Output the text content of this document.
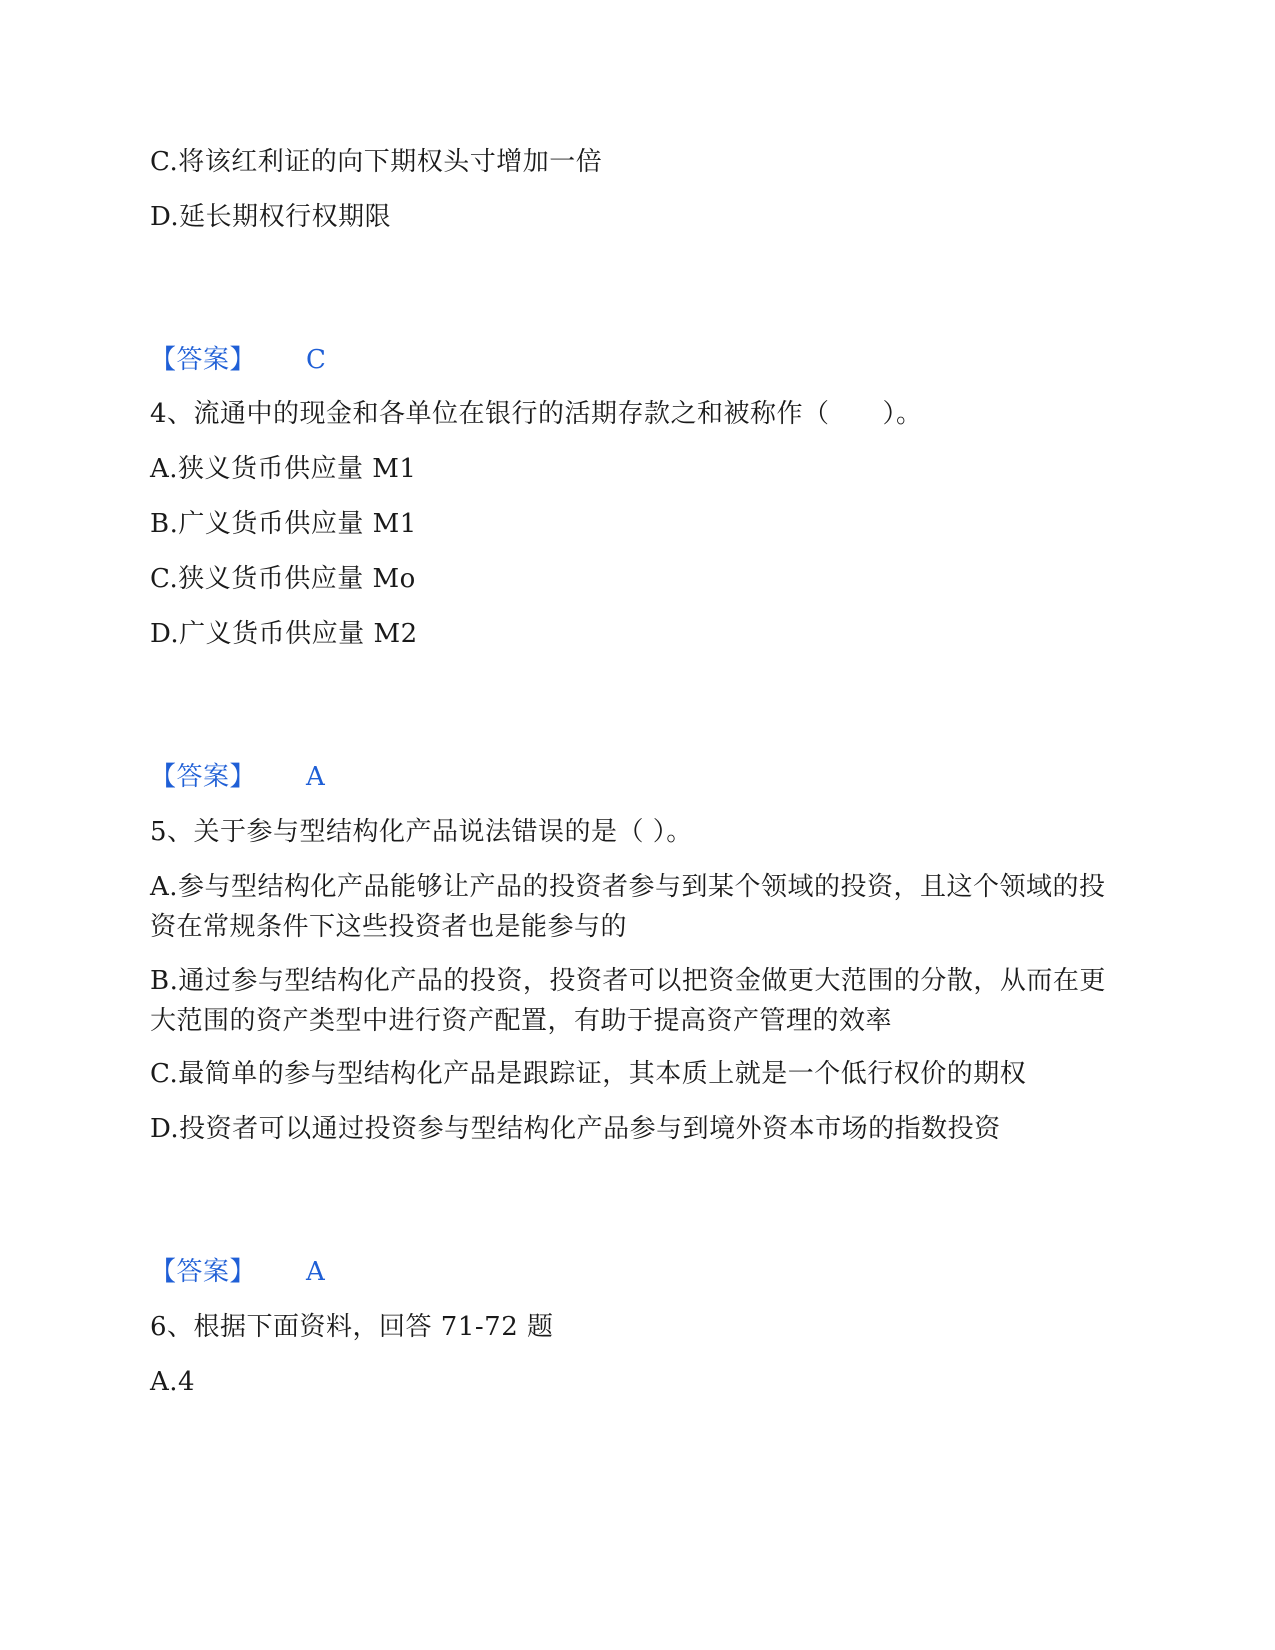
C.将该红利证的向下期权头寸增加一倍
D.延长期权行权期限
【答案】 C
4、流通中的现金和各单位在银行的活期存款之和被称作（　　）。
A.狭义货币供应量 M1
B.广义货币供应量 M1
C.狭义货币供应量 Mo
D.广义货币供应量 M2
【答案】 A
5、关于参与型结构化产品说法错误的是（ ）。
A.参与型结构化产品能够让产品的投资者参与到某个领域的投资，且这个领域的投资在常规条件下这些投资者也是能参与的
B.通过参与型结构化产品的投资，投资者可以把资金做更大范围的分散，从而在更大范围的资产类型中进行资产配置，有助于提高资产管理的效率
C.最简单的参与型结构化产品是跟踪证，其本质上就是一个低行权价的期权
D.投资者可以通过投资参与型结构化产品参与到境外资本市场的指数投资
【答案】 A
6、根据下面资料，回答 71-72 题
A.4
